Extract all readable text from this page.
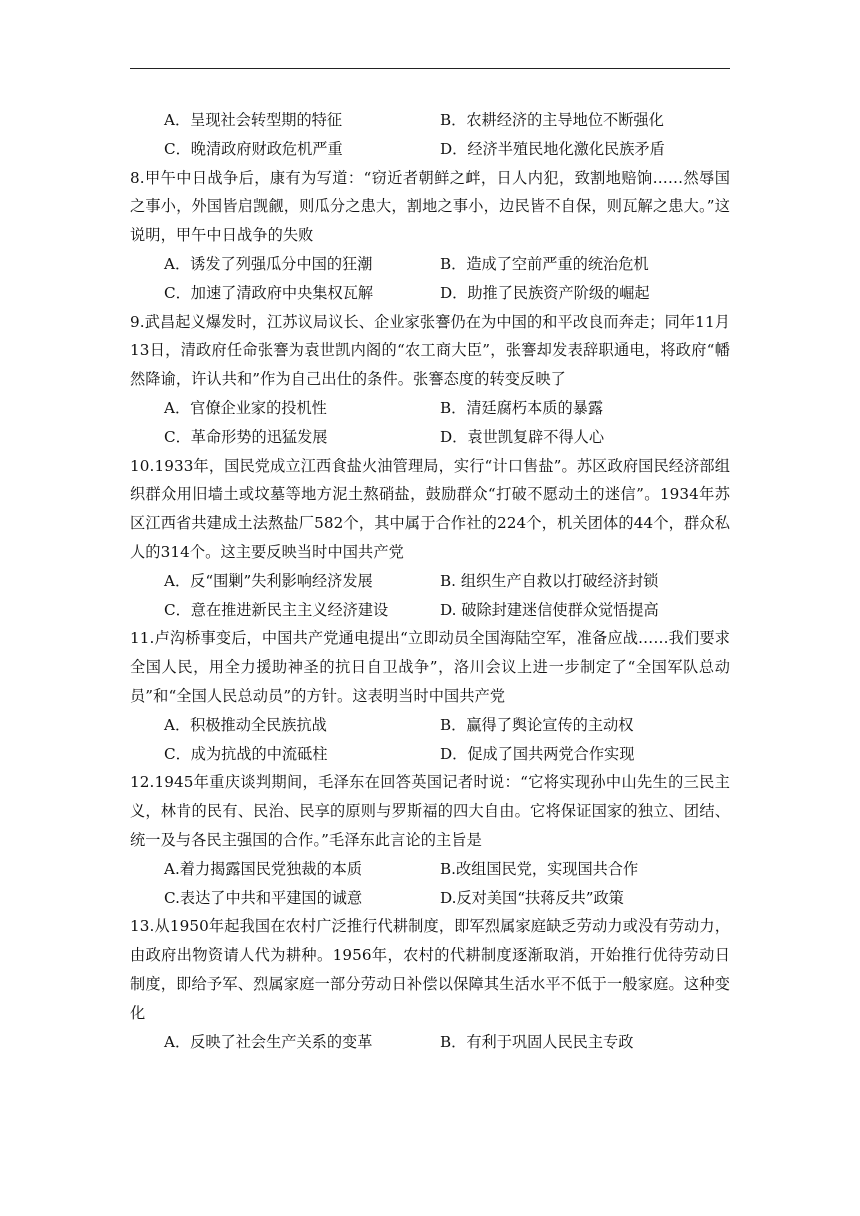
A．呈现社会转型期的特征	B．农耕经济的主导地位不断强化
C．晚清政府财政危机严重	D．经济半殖民地化激化民族矛盾

8.甲午中日战争后，康有为写道：“窃近者朝鲜之衅，日人内犯，致割地赔饷……然辱国之事小，外国皆启觊觎，则瓜分之患大，割地之事小，边民皆不自保，则瓦解之患大。”这说明，甲午中日战争的失败

A．诱发了列强瓜分中国的狂潮	B．造成了空前严重的统治危机
C．加速了清政府中央集权瓦解	D．助推了民族资产阶级的崛起

9.武昌起义爆发时，江苏议局议长、企业家张謇仍在为中国的和平改良而奔走；同年11月13日，清政府任命张謇为袁世凯内阁的“农工商大臣”，张謇却发表辞职通电，将政府“幡然降谕，许认共和”作为自己出仕的条件。张謇态度的转变反映了

A．官僚企业家的投机性	B．清廷腐朽本质的暴露
C．革命形势的迅猛发展	D．袁世凯复辟不得人心

10.1933年，国民党成立江西食盐火油管理局，实行“计口售盐”。苏区政府国民经济部组织群众用旧墙土或坟墓等地方泥土熬硝盐，鼓励群众“打破不愿动土的迷信”。1934年苏区江西省共建成土法熬盐厂582个，其中属于合作社的224个，机关团体的44个，群众私人的314个。这主要反映当时中国共产党

A．反“围剿”失利影响经济发展	B. 组织生产自救以打破经济封锁
C．意在推进新民主主义经济建设	D. 破除封建迷信使群众觉悟提高

11.卢沟桥事变后，中国共产党通电提出“立即动员全国海陆空军，准备应战……我们要求全国人民，用全力援助神圣的抗日自卫战争”，洛川会议上进一步制定了“全国军队总动员”和“全国人民总动员”的方针。这表明当时中国共产党

A．积极推动全民族抗战	B．赢得了舆论宣传的主动权
C．成为抗战的中流砥柱	D．促成了国共两党合作实现

12.1945年重庆谈判期间，毛泽东在回答英国记者时说：“它将实现孙中山先生的三民主义，林肯的民有、民治、民享的原则与罗斯福的四大自由。它将保证国家的独立、团结、统一及与各民主强国的合作。”毛泽东此言论的主旨是

A.着力揭露国民党独裁的本质	B.改组国民党，实现国共合作
C.表达了中共和平建国的诚意	D.反对美国“扶蒋反共”政策

13.从1950年起我国在农村广泛推行代耕制度，即军烈属家庭缺乏劳动力或没有劳动力，由政府出物资请人代为耕种。1956年，农村的代耕制度逐渐取消，开始推行优待劳动日制度，即给予军、烈属家庭一部分劳动日补偿以保障其生活水平不低于一般家庭。这种变化

A．反映了社会生产关系的变革	B．有利于巩固人民民主专政
